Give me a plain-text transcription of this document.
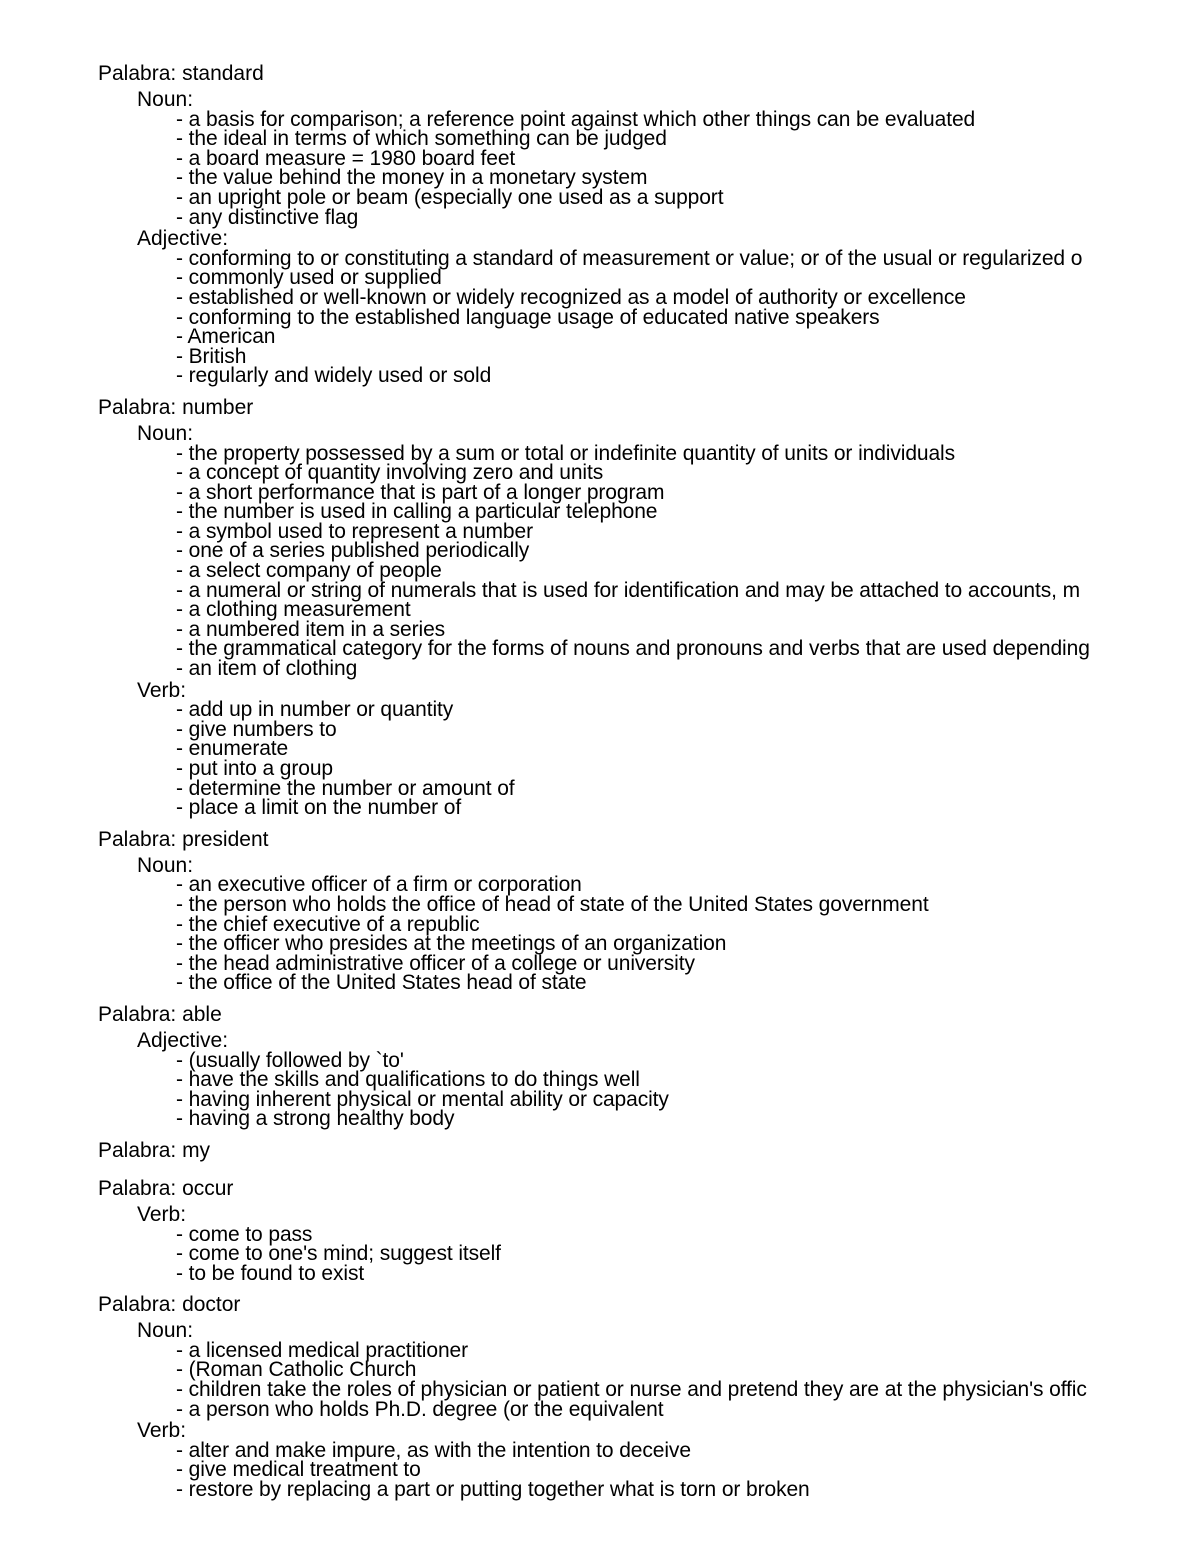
Palabra: standard
Noun:
- a basis for comparison; a reference point against which other things can be evaluated
- the ideal in terms of which something can be judged
- a board measure = 1980 board feet
- the value behind the money in a monetary system
- an upright pole or beam (especially one used as a support
- any distinctive flag
Adjective:
- conforming to or constituting a standard of measurement or value; or of the usual or regularized o
- commonly used or supplied
- established or well-known or widely recognized as a model of authority or excellence
- conforming to the established language usage of educated native speakers
- American
- British
- regularly and widely used or sold
Palabra: number
Noun:
- the property possessed by a sum or total or indefinite quantity of units or individuals
- a concept of quantity involving zero and units
- a short performance that is part of a longer program
- the number is used in calling a particular telephone
- a symbol used to represent a number
- one of a series published periodically
- a select company of people
- a numeral or string of numerals that is used for identification and may be attached to accounts, m
- a clothing measurement
- a numbered item in a series
- the grammatical category for the forms of nouns and pronouns and verbs that are used depending
- an item of clothing
Verb:
- add up in number or quantity
- give numbers to
- enumerate
- put into a group
- determine the number or amount of
- place a limit on the number of
Palabra: president
Noun:
- an executive officer of a firm or corporation
- the person who holds the office of head of state of the United States government
- the chief executive of a republic
- the officer who presides at the meetings of an organization
- the head administrative officer of a college or university
- the office of the United States head of state
Palabra: able
Adjective:
- (usually followed by `to'
- have the skills and qualifications to do things well
- having inherent physical or mental ability or capacity
- having a strong healthy body
Palabra: my
Palabra: occur
Verb:
- come to pass
- come to one's mind; suggest itself
- to be found to exist
Palabra: doctor
Noun:
- a licensed medical practitioner
- (Roman Catholic Church
- children take the roles of physician or patient or nurse and pretend they are at the physician's offic
- a person who holds Ph.D. degree (or the equivalent
Verb:
- alter and make impure, as with the intention to deceive
- give medical treatment to
- restore by replacing a part or putting together what is torn or broken
